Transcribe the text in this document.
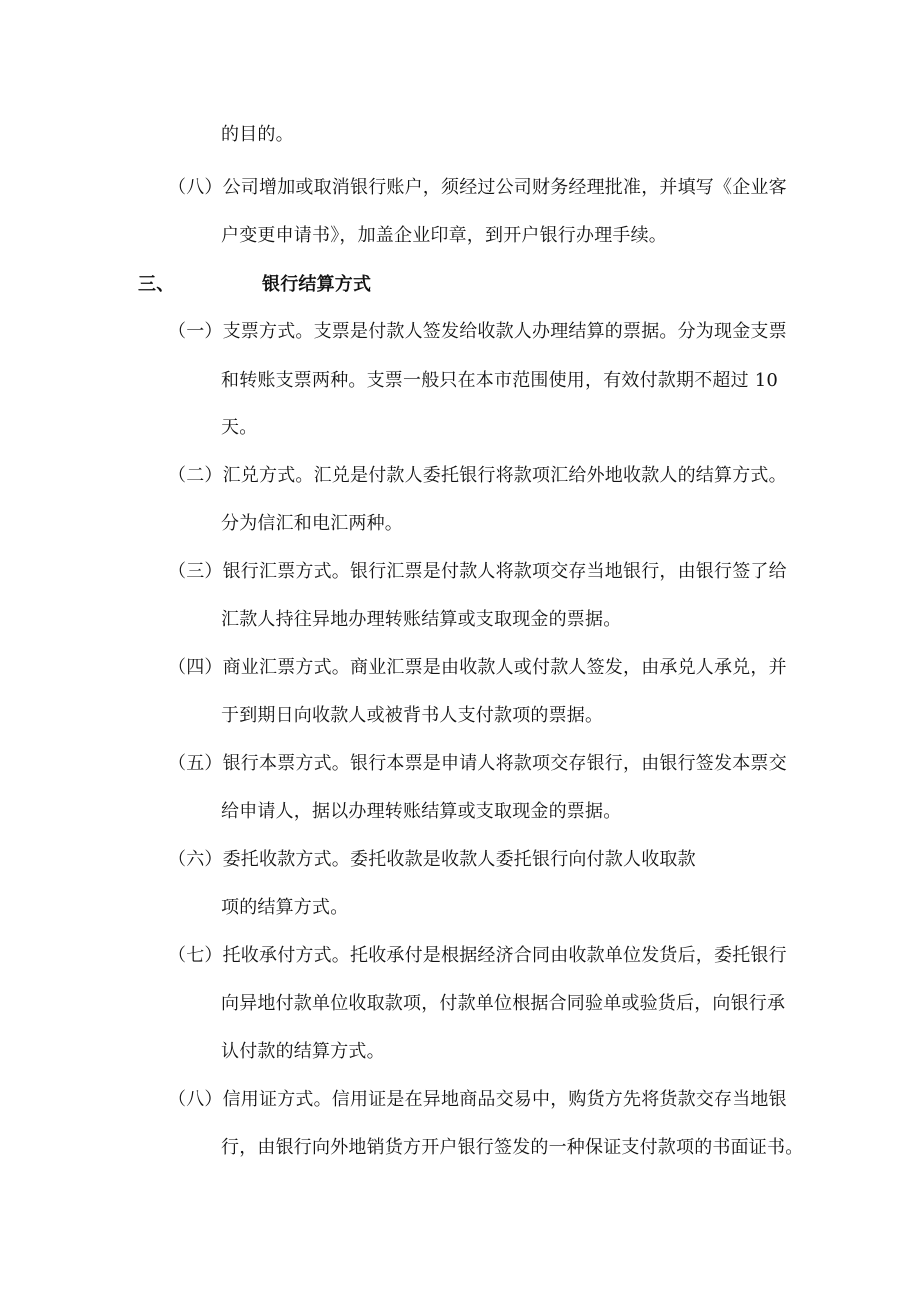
的目的。
（八）公司增加或取消银行账户，须经过公司财务经理批准，并填写《企业客
户变更申请书》，加盖企业印章，到开户银行办理手续。
三、	银行结算方式
（一）支票方式。支票是付款人签发给收款人办理结算的票据。分为现金支票
和转账支票两种。支票一般只在本市范围使用，有效付款期不超过 10
天。
（二）汇兑方式。汇兑是付款人委托银行将款项汇给外地收款人的结算方式。
分为信汇和电汇两种。
（三）银行汇票方式。银行汇票是付款人将款项交存当地银行，由银行签了给
汇款人持往异地办理转账结算或支取现金的票据。
（四）商业汇票方式。商业汇票是由收款人或付款人签发，由承兑人承兑，并
于到期日向收款人或被背书人支付款项的票据。
（五）银行本票方式。银行本票是申请人将款项交存银行，由银行签发本票交
给申请人，据以办理转账结算或支取现金的票据。
（六）委托收款方式。委托收款是收款人委托银行向付款人收取款
项的结算方式。
（七）托收承付方式。托收承付是根据经济合同由收款单位发货后，委托银行
向异地付款单位收取款项，付款单位根据合同验单或验货后，向银行承
认付款的结算方式。
（八）信用证方式。信用证是在异地商品交易中，购货方先将货款交存当地银
行，由银行向外地销货方开户银行签发的一种保证支付款项的书面证书。
